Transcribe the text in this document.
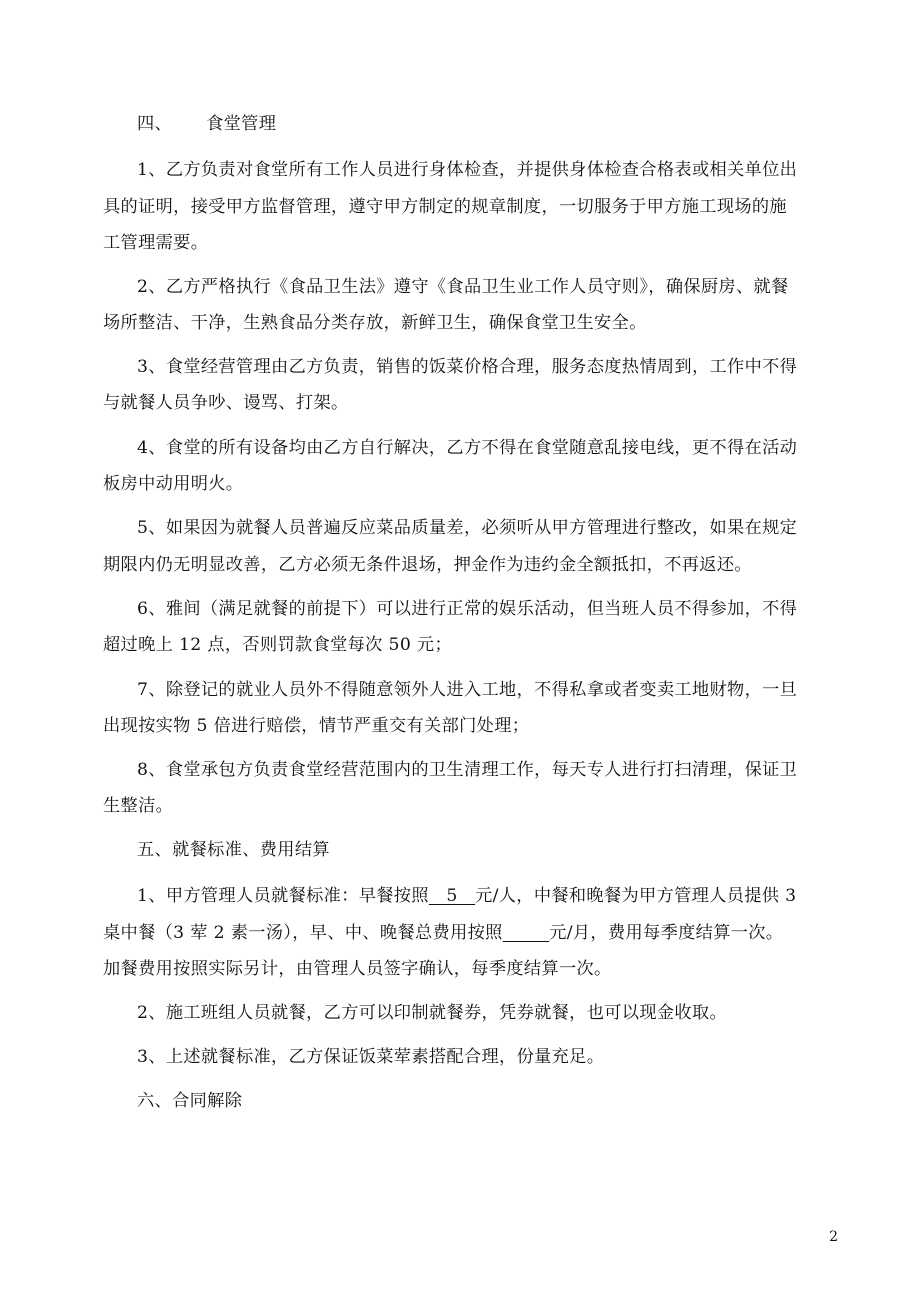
四、 食堂管理
1、乙方负责对食堂所有工作人员进行身体检查，并提供身体检查合格表或相关单位出
具的证明，接受甲方监督管理，遵守甲方制定的规章制度，一切服务于甲方施工现场的施
工管理需要。
2、乙方严格执行《食品卫生法》遵守《食品卫生业工作人员守则》，确保厨房、就餐
场所整洁、干净，生熟食品分类存放，新鲜卫生，确保食堂卫生安全。
3、食堂经营管理由乙方负责，销售的饭菜价格合理，服务态度热情周到，工作中不得
与就餐人员争吵、谩骂、打架。
4、食堂的所有设备均由乙方自行解决，乙方不得在食堂随意乱接电线，更不得在活动
板房中动用明火。
5、如果因为就餐人员普遍反应菜品质量差，必须听从甲方管理进行整改，如果在规定
期限内仍无明显改善，乙方必须无条件退场，押金作为违约金全额抵扣，不再返还。
6、雅间（满足就餐的前提下）可以进行正常的娱乐活动，但当班人员不得参加，不得
超过晚上 12 点，否则罚款食堂每次 50 元；
7、除登记的就业人员外不得随意领外人进入工地，不得私拿或者变卖工地财物，一旦
出现按实物 5 倍进行赔偿，情节严重交有关部门处理；
8、食堂承包方负责食堂经营范围内的卫生清理工作，每天专人进行打扫清理，保证卫
生整洁。
五、就餐标准、费用结算
1、甲方管理人员就餐标准：早餐按照   5   元/人，中餐和晚餐为甲方管理人员提供 3
桌中餐（3 荤 2 素一汤），早、中、晚餐总费用按照	元/月，费用每季度结算一次。
加餐费用按照实际另计，由管理人员签字确认，每季度结算一次。
2、施工班组人员就餐，乙方可以印制就餐券，凭券就餐，也可以现金收取。
3、上述就餐标准，乙方保证饭菜荤素搭配合理，份量充足。
六、合同解除
2
